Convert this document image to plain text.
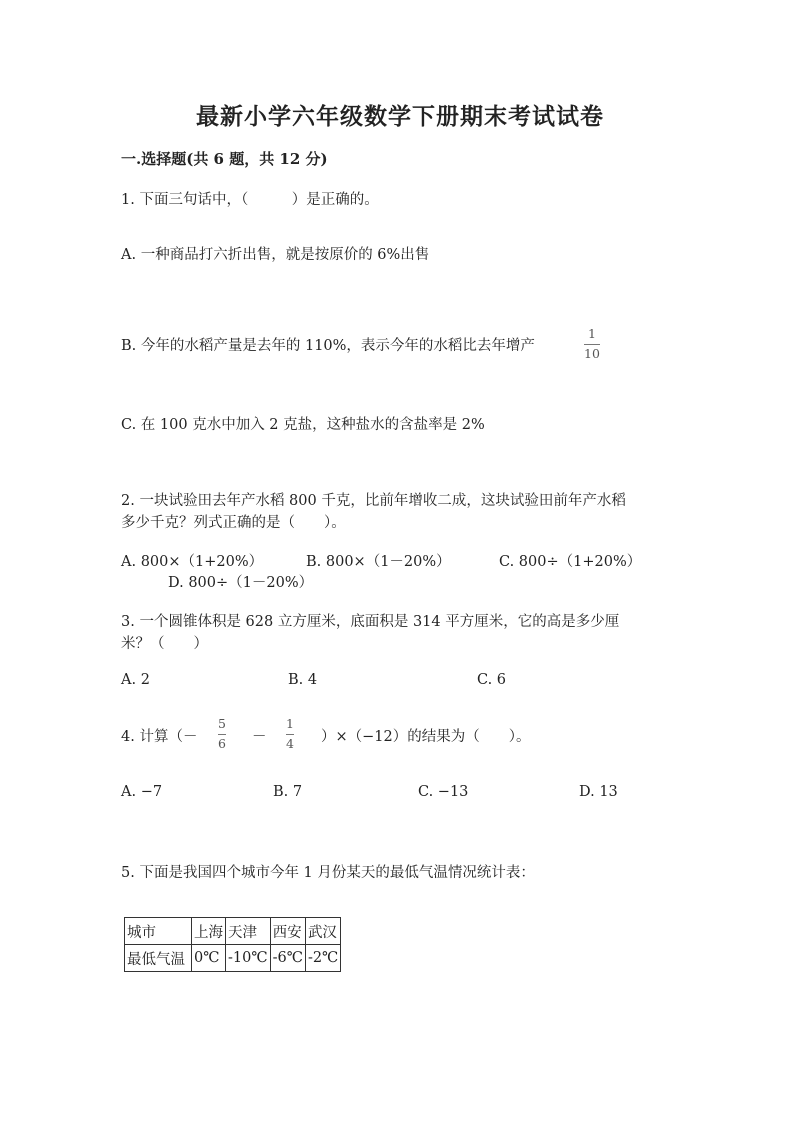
最新小学六年级数学下册期末考试试卷
一.选择题(共 6 题，共 12 分)
1. 下面三句话中，（　　　）是正确的。
A. 一种商品打六折出售，就是按原价的 6%出售
B. 今年的水稻产量是去年的 110%，表示今年的水稻比去年增产
1
10
C. 在 100 克水中加入 2 克盐，这种盐水的含盐率是 2%
2. 一块试验田去年产水稻 800 千克，比前年增收二成，这块试验田前年产水稻
多少千克？列式正确的是（　　）。
A. 800×（1+20%）	B. 800×（1－20%）	C. 800÷（1+20%）
D. 800÷（1－20%）
3. 一个圆锥体积是 628 立方厘米，底面积是 314 平方厘米，它的高是多少厘
米？（　　）
A. 2	B. 4	C. 6
4. 计算（－
5
6 －
1
4 ）×（−12）的结果为（　　）。
A. −7	B. 7	C. −13	D. 13
5. 下面是我国四个城市今年 1 月份某天的最低气温情况统计表：
城市	上海	天津	西安	武汉
最低气温	0℃	-10℃	-6℃	-2℃
